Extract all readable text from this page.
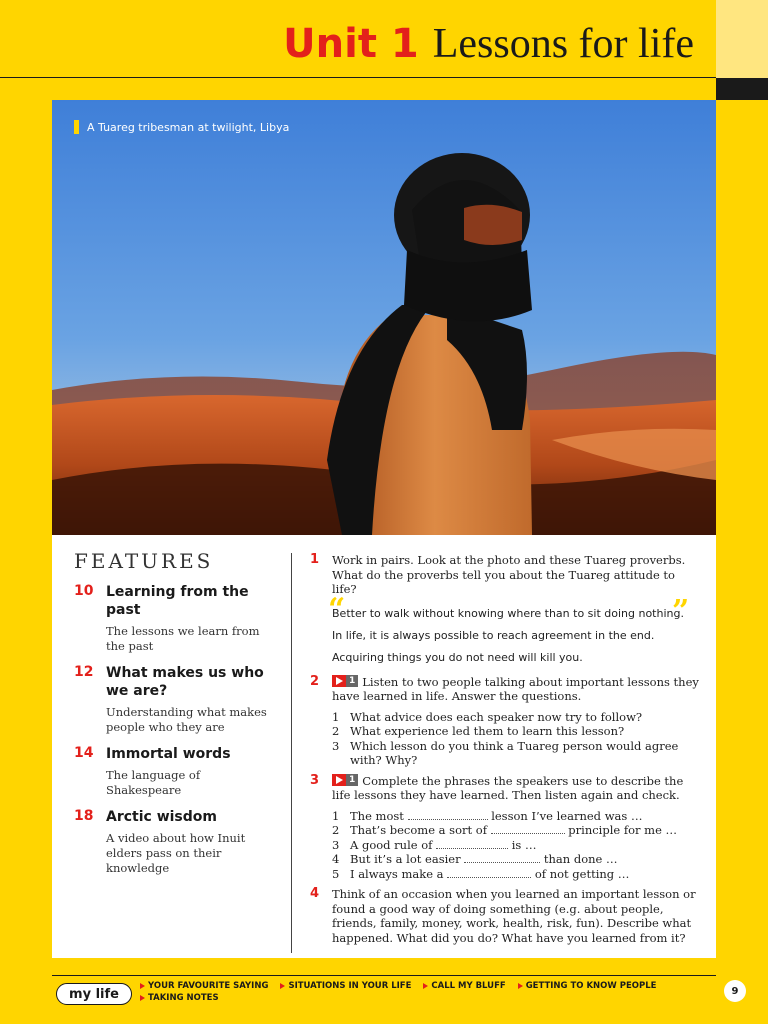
Unit 1 Lessons for life
A Tuareg tribesman at twilight, Libya
FEATURES
10 Learning from the past
The lessons we learn from the past
12 What makes us who we are?
Understanding what makes people who they are
14 Immortal words
The language of Shakespeare
18 Arctic wisdom
A video about how Inuit elders pass on their knowledge
1	Work in pairs. Look at the photo and these Tuareg proverbs. What do the proverbs tell you about the Tuareg attitude to life?
“	”
Better to walk without knowing where than to sit doing nothing.
In life, it is always possible to reach agreement in the end.
Acquiring things you do not need will kill you.
2	1 Listen to two people talking about important lessons they have learned in life. Answer the questions.
1 What advice does each speaker now try to follow?
2 What experience led them to learn this lesson?
3 Which lesson do you think a Tuareg person would agree with? Why?
3	1 Complete the phrases the speakers use to describe the life lessons they have learned. Then listen again and check.
1 The most	lesson I’ve learned was …
2 That’s become a sort of	principle for me …
3 A good rule of	is …
4 But it’s a lot easier	than done …
5 I always make a	of not getting …
4	Think of an occasion when you learned an important lesson or found a good way of doing something (e.g. about people, friends, family, money, work, health, risk, fun). Describe what happened. What did you do? What have you learned from it?
my life
YOUR FAVOURITE SAYING SITUATIONS IN YOUR LIFE CALL MY BLUFF GETTING TO KNOW PEOPLE
TAKING NOTES
9
